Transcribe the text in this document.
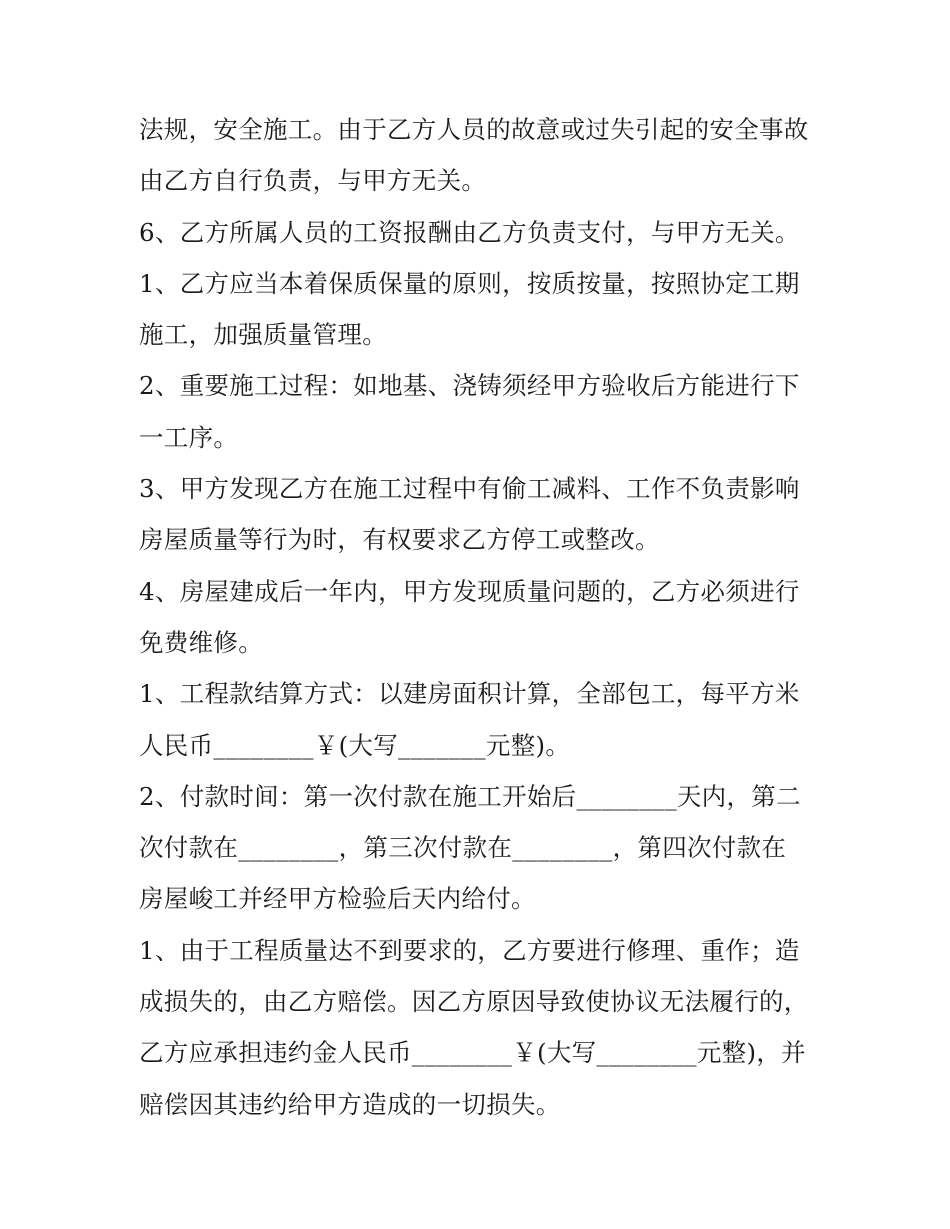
法规，安全施工。由于乙方人员的故意或过失引起的安全事故
由乙方自行负责，与甲方无关。
6、乙方所属人员的工资报酬由乙方负责支付，与甲方无关。
1、乙方应当本着保质保量的原则，按质按量，按照协定工期
施工，加强质量管理。
2、重要施工过程：如地基、浇铸须经甲方验收后方能进行下
一工序。
3、甲方发现乙方在施工过程中有偷工减料、工作不负责影响
房屋质量等行为时，有权要求乙方停工或整改。
4、房屋建成后一年内，甲方发现质量问题的，乙方必须进行
免费维修。
1、工程款结算方式：以建房面积计算，全部包工，每平方米
人民币________￥(大写_______元整)。
2、付款时间：第一次付款在施工开始后________天内，第二
次付款在________，第三次付款在________，第四次付款在
房屋峻工并经甲方检验后天内给付。
1、由于工程质量达不到要求的，乙方要进行修理、重作；造
成损失的，由乙方赔偿。因乙方原因导致使协议无法履行的，
乙方应承担违约金人民币________￥(大写________元整)，并
赔偿因其违约给甲方造成的一切损失。
